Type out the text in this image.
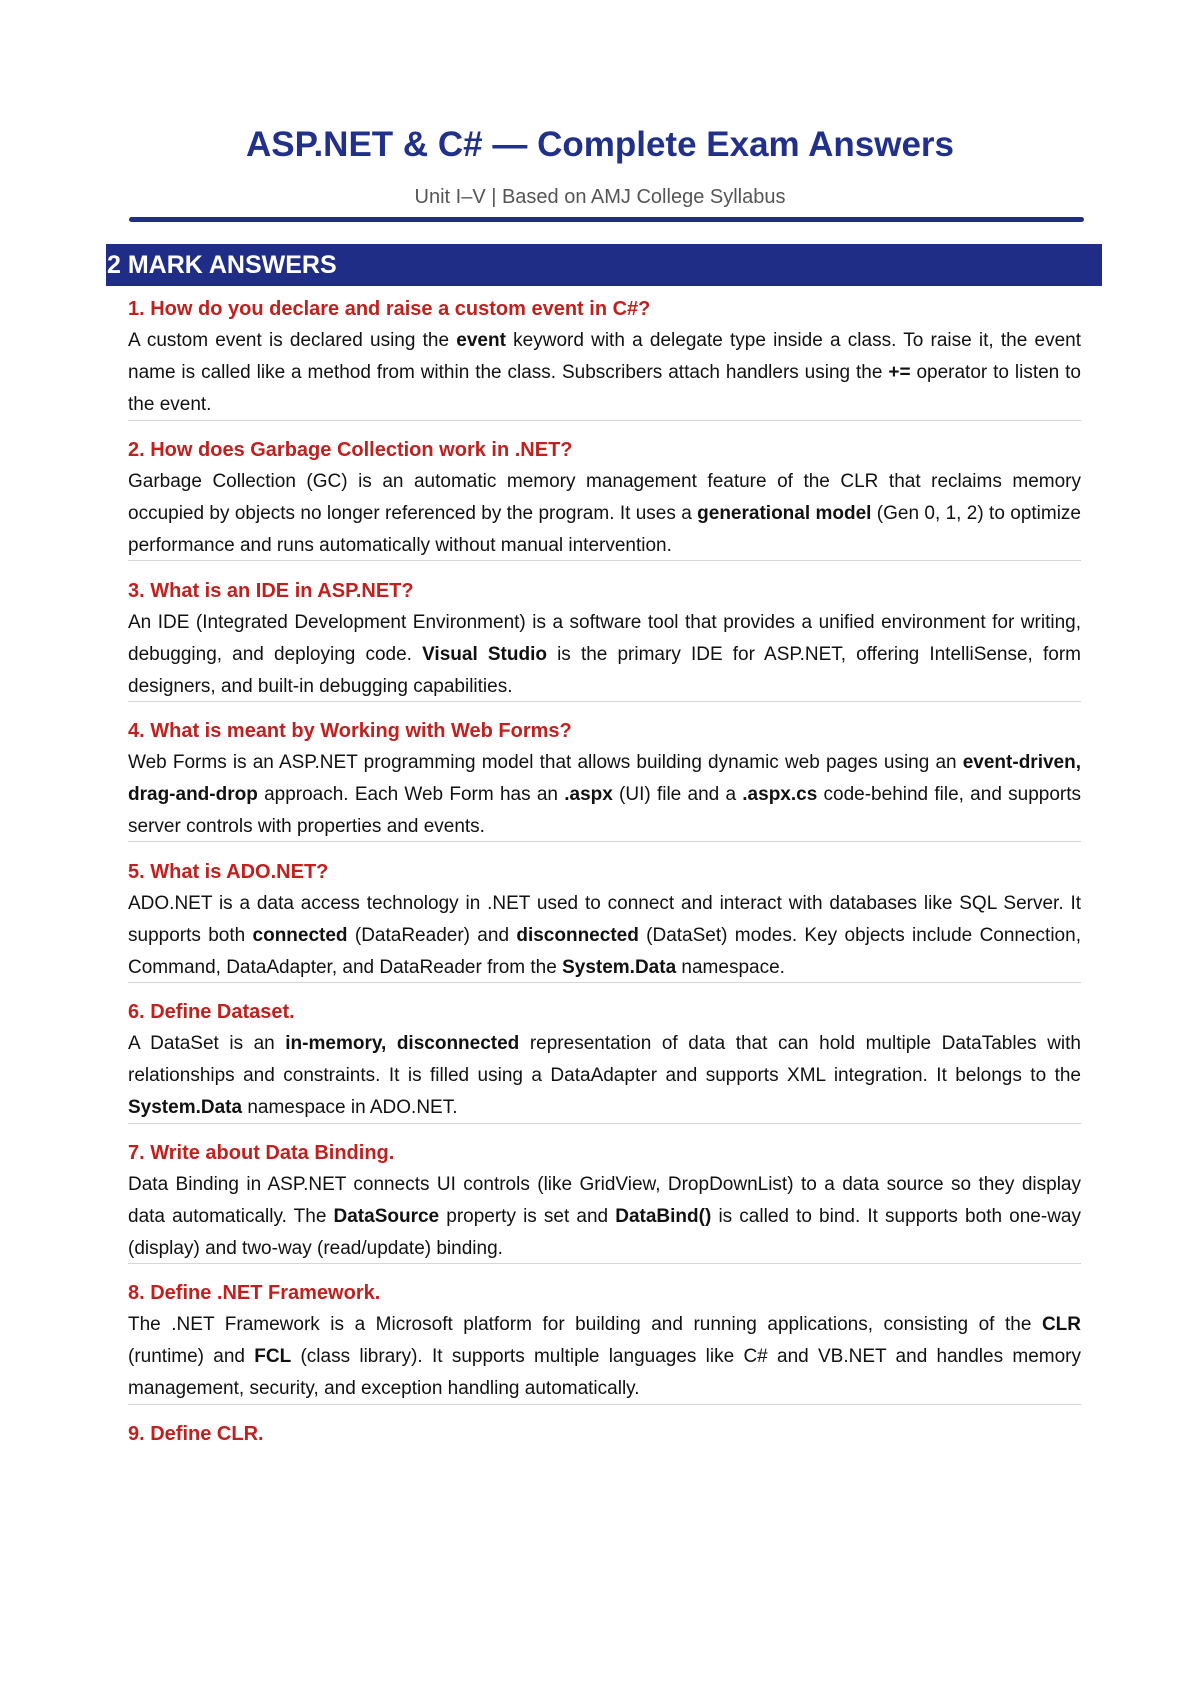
ASP.NET & C# — Complete Exam Answers
Unit I–V | Based on AMJ College Syllabus
2 MARK ANSWERS
1. How do you declare and raise a custom event in C#?
A custom event is declared using the event keyword with a delegate type inside a class. To raise it, the event name is called like a method from within the class. Subscribers attach handlers using the += operator to listen to the event.
2. How does Garbage Collection work in .NET?
Garbage Collection (GC) is an automatic memory management feature of the CLR that reclaims memory occupied by objects no longer referenced by the program. It uses a generational model (Gen 0, 1, 2) to optimize performance and runs automatically without manual intervention.
3. What is an IDE in ASP.NET?
An IDE (Integrated Development Environment) is a software tool that provides a unified environment for writing, debugging, and deploying code. Visual Studio is the primary IDE for ASP.NET, offering IntelliSense, form designers, and built-in debugging capabilities.
4. What is meant by Working with Web Forms?
Web Forms is an ASP.NET programming model that allows building dynamic web pages using an event-driven, drag-and-drop approach. Each Web Form has an .aspx (UI) file and a .aspx.cs code-behind file, and supports server controls with properties and events.
5. What is ADO.NET?
ADO.NET is a data access technology in .NET used to connect and interact with databases like SQL Server. It supports both connected (DataReader) and disconnected (DataSet) modes. Key objects include Connection, Command, DataAdapter, and DataReader from the System.Data namespace.
6. Define Dataset.
A DataSet is an in-memory, disconnected representation of data that can hold multiple DataTables with relationships and constraints. It is filled using a DataAdapter and supports XML integration. It belongs to the System.Data namespace in ADO.NET.
7. Write about Data Binding.
Data Binding in ASP.NET connects UI controls (like GridView, DropDownList) to a data source so they display data automatically. The DataSource property is set and DataBind() is called to bind. It supports both one-way (display) and two-way (read/update) binding.
8. Define .NET Framework.
The .NET Framework is a Microsoft platform for building and running applications, consisting of the CLR (runtime) and FCL (class library). It supports multiple languages like C# and VB.NET and handles memory management, security, and exception handling automatically.
9. Define CLR.
